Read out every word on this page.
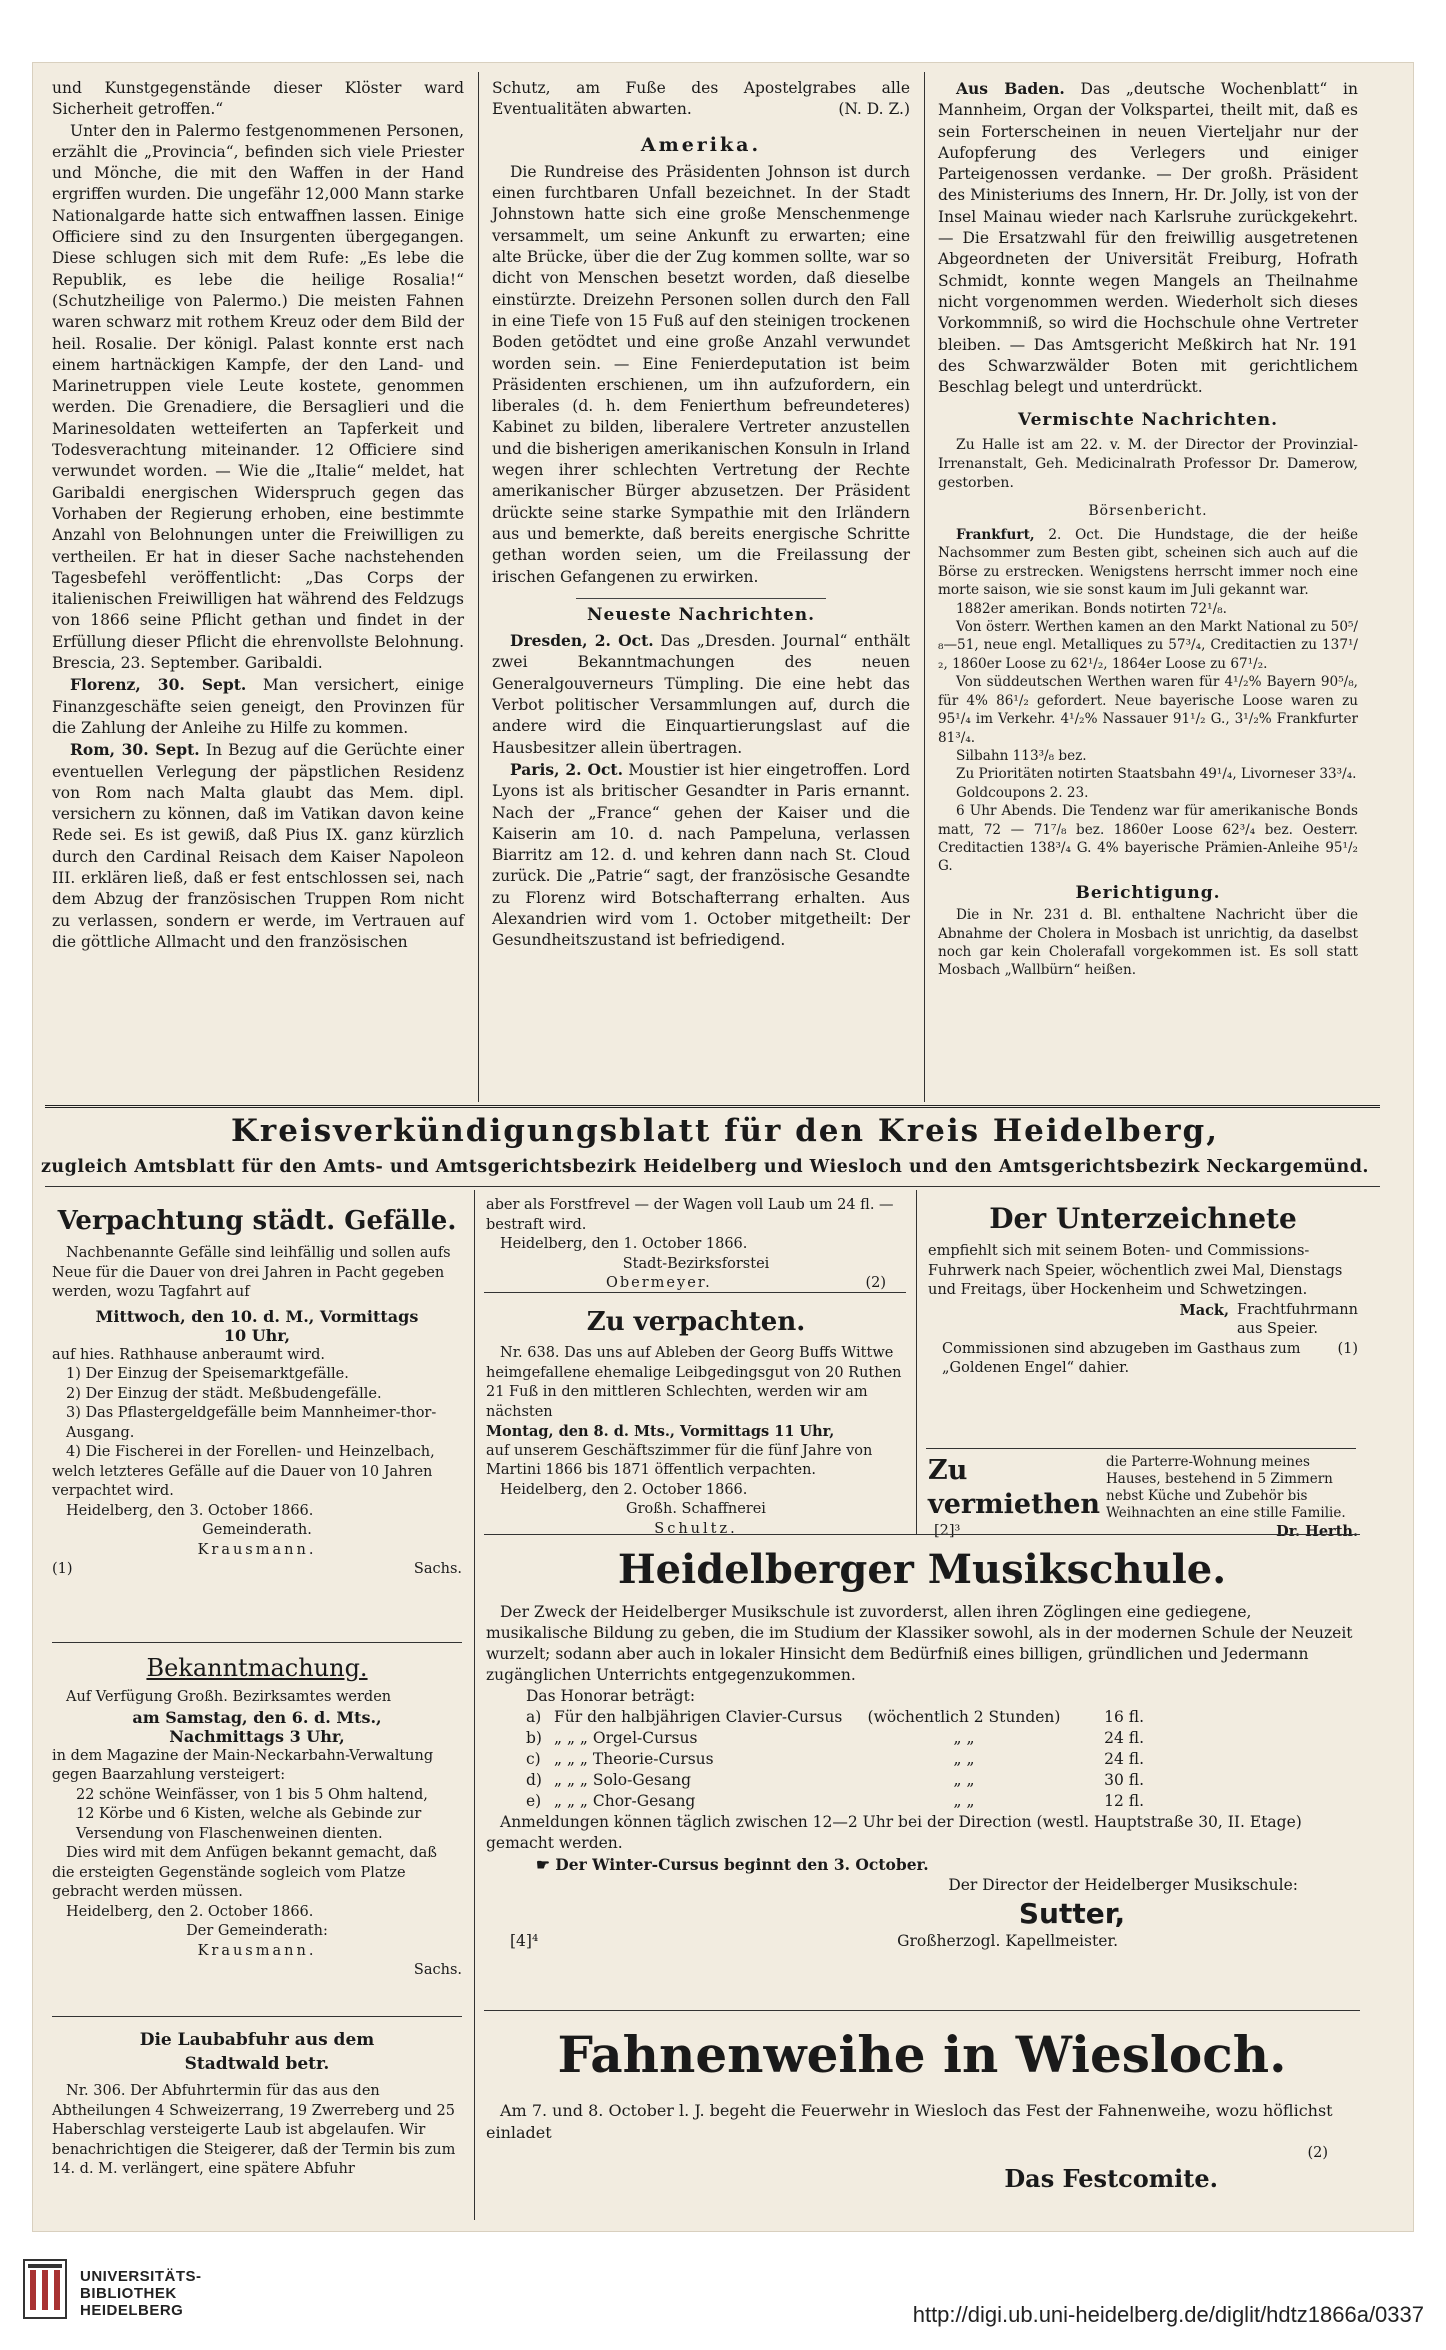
und Kunstgegenstände dieser Klöster ward Sicherheit getroffen.“

Unter den in Palermo festgenommenen Personen, erzählt die „Provincia“, befinden sich viele Priester und Mönche, die mit den Waffen in der Hand ergriffen wurden. Die ungefähr 12,000 Mann starke Nationalgarde hatte sich entwaffnen lassen. Einige Officiere sind zu den Insurgenten übergegangen. Diese schlugen sich mit dem Rufe: „Es lebe die Republik, es lebe die heilige Rosalia!“ (Schutzheilige von Palermo.) Die meisten Fahnen waren schwarz mit rothem Kreuz oder dem Bild der heil. Rosalie. Der königl. Palast konnte erst nach einem hartnäckigen Kampfe, der den Land- und Marinetruppen viele Leute kostete, genommen werden. Die Grenadiere, die Bersaglieri und die Marinesoldaten wetteiferten an Tapferkeit und Todesverachtung miteinander. 12 Officiere sind verwundet worden. — Wie die „Italie“ meldet, hat Garibaldi energischen Widerspruch gegen das Vorhaben der Regierung erhoben, eine bestimmte Anzahl von Belohnungen unter die Freiwilligen zu vertheilen. Er hat in dieser Sache nachstehenden Tagesbefehl veröffentlicht: „Das Corps der italienischen Freiwilligen hat während des Feldzugs von 1866 seine Pflicht gethan und findet in der Erfüllung dieser Pflicht die ehrenvollste Belohnung. Brescia, 23. September. Garibaldi.

Florenz, 30. Sept. Man versichert, einige Finanzgeschäfte seien geneigt, den Provinzen für die Zahlung der Anleihe zu Hilfe zu kommen.

Rom, 30. Sept. In Bezug auf die Gerüchte einer eventuellen Verlegung der päpstlichen Residenz von Rom nach Malta glaubt das Mem. dipl. versichern zu können, daß im Vatikan davon keine Rede sei. Es ist gewiß, daß Pius IX. ganz kürzlich durch den Cardinal Reisach dem Kaiser Napoleon III. erklären ließ, daß er fest entschlossen sei, nach dem Abzug der französischen Truppen Rom nicht zu verlassen, sondern er werde, im Vertrauen auf die göttliche Allmacht und den französischen

Schutz, am Fuße des Apostelgrabes alle Eventualitäten abwarten.	(N. D. Z.)

Amerika.

Die Rundreise des Präsidenten Johnson ist durch einen furchtbaren Unfall bezeichnet. In der Stadt Johnstown hatte sich eine große Menschenmenge versammelt, um seine Ankunft zu erwarten; eine alte Brücke, über die der Zug kommen sollte, war so dicht von Menschen besetzt worden, daß dieselbe einstürzte. Dreizehn Personen sollen durch den Fall in eine Tiefe von 15 Fuß auf den steinigen trockenen Boden getödtet und eine große Anzahl verwundet worden sein. — Eine Fenierdeputation ist beim Präsidenten erschienen, um ihn aufzufordern, ein liberales (d. h. dem Fenierthum befreundeteres) Kabinet zu bilden, liberalere Vertreter anzustellen und die bisherigen amerikanischen Konsuln in Irland wegen ihrer schlechten Vertretung der Rechte amerikanischer Bürger abzusetzen. Der Präsident drückte seine starke Sympathie mit den Irländern aus und bemerkte, daß bereits energische Schritte gethan worden seien, um die Freilassung der irischen Gefangenen zu erwirken.

Neueste Nachrichten.

Dresden, 2. Oct. Das „Dresden. Journal“ enthält zwei Bekanntmachungen des neuen Generalgouverneurs Tümpling. Die eine hebt das Verbot politischer Versammlungen auf, durch die andere wird die Einquartierungslast auf die Hausbesitzer allein übertragen.

Paris, 2. Oct. Moustier ist hier eingetroffen. Lord Lyons ist als britischer Gesandter in Paris ernannt. Nach der „France“ gehen der Kaiser und die Kaiserin am 10. d. nach Pampeluna, verlassen Biarritz am 12. d. und kehren dann nach St. Cloud zurück. Die „Patrie“ sagt, der französische Gesandte zu Florenz wird Botschafterrang erhalten. Aus Alexandrien wird vom 1. October mitgetheilt: Der Gesundheitszustand ist befriedigend.

Aus Baden. Das „deutsche Wochenblatt“ in Mannheim, Organ der Volkspartei, theilt mit, daß es sein Forterscheinen in neuen Vierteljahr nur der Aufopferung des Verlegers und einiger Parteigenossen verdanke. — Der großh. Präsident des Ministeriums des Innern, Hr. Dr. Jolly, ist von der Insel Mainau wieder nach Karlsruhe zurückgekehrt. — Die Ersatzwahl für den freiwillig ausgetretenen Abgeordneten der Universität Freiburg, Hofrath Schmidt, konnte wegen Mangels an Theilnahme nicht vorgenommen werden. Wiederholt sich dieses Vorkommniß, so wird die Hochschule ohne Vertreter bleiben. — Das Amtsgericht Meßkirch hat Nr. 191 des Schwarzwälder Boten mit gerichtlichem Beschlag belegt und unterdrückt.

Vermischte Nachrichten.

Zu Halle ist am 22. v. M. der Director der Provinzial-Irrenanstalt, Geh. Medicinalrath Professor Dr. Damerow, gestorben.

Börsenbericht.

Frankfurt, 2. Oct. Die Hundstage, die der heiße Nachsommer zum Besten gibt, scheinen sich auch auf die Börse zu erstrecken. Wenigstens herrscht immer noch eine morte saison, wie sie sonst kaum im Juli gekannt war.

1882er amerikan. Bonds notirten 72¹/₈.

Von österr. Werthen kamen an den Markt National zu 50⁵/₈—51, neue engl. Metalliques zu 57³/₄, Creditactien zu 137¹/₂, 1860er Loose zu 62¹/₂, 1864er Loose zu 67¹/₂.

Von süddeutschen Werthen waren für 4¹/₂% Bayern 90⁵/₈, für 4% 86¹/₂ gefordert. Neue bayerische Loose waren zu 95¹/₄ im Verkehr. 4¹/₂% Nassauer 91¹/₂ G., 3¹/₂% Frankfurter 81³/₄.

Silbahn 113³/₈ bez.

Zu Prioritäten notirten Staatsbahn 49¹/₄, Livorneser 33³/₄.

Goldcoupons 2. 23.

6 Uhr Abends. Die Tendenz war für amerikanische Bonds matt, 72 — 71⁷/₈ bez. 1860er Loose 62³/₄ bez. Oesterr. Creditactien 138³/₄ G. 4% bayerische Prämien-Anleihe 95¹/₂ G.

Berichtigung.

Die in Nr. 231 d. Bl. enthaltene Nachricht über die Abnahme der Cholera in Mosbach ist unrichtig, da daselbst noch gar kein Cholerafall vorgekommen ist. Es soll statt Mosbach „Wallbürn“ heißen.

Kreisverkündigungsblatt für den Kreis Heidelberg,
zugleich Amtsblatt für den Amts- und Amtsgerichtsbezirk Heidelberg und Wiesloch und den Amtsgerichtsbezirk Neckargemünd.
Verpachtung städt. Gefälle.

Nachbenannte Gefälle sind leihfällig und sollen aufs Neue für die Dauer von drei Jahren in Pacht gegeben werden, wozu Tagfahrt auf

Mittwoch, den 10. d. M., Vormittags

10 Uhr,

auf hies. Rathhause anberaumt wird.

1) Der Einzug der Speisemarktgefälle.

2) Der Einzug der städt. Meßbudengefälle.

3) Das Pflastergeldgefälle beim Mannheimer-thor-Ausgang.

4) Die Fischerei in der Forellen- und Heinzelbach,

welch letzteres Gefälle auf die Dauer von 10 Jahren verpachtet wird.

Heidelberg, den 3. October 1866.

Gemeinderath.

Krausmann.

(1)	Sachs.
Bekanntmachung.

Auf Verfügung Großh. Bezirksamtes werden

am Samstag, den 6. d. Mts.,

Nachmittags 3 Uhr,

in dem Magazine der Main-Neckarbahn-Verwaltung gegen Baarzahlung versteigert:

22 schöne Weinfässer, von 1 bis 5 Ohm haltend,

12 Körbe und 6 Kisten, welche als Gebinde zur Versendung von Flaschenweinen dienten.

Dies wird mit dem Anfügen bekannt gemacht, daß die ersteigten Gegenstände sogleich vom Platze gebracht werden müssen.

Heidelberg, den 2. October 1866.

Der Gemeinderath:

Krausmann.

Sachs.

Die Laubabfuhr aus dem Stadtwald betr.

Nr. 306. Der Abfuhrtermin für das aus den Abtheilungen 4 Schweizerrang, 19 Zwerreberg und 25 Haberschlag versteigerte Laub ist abgelaufen. Wir benachrichtigen die Steigerer, daß der Termin bis zum 14. d. M. verlängert, eine spätere Abfuhr

aber als Forstfrevel — der Wagen voll Laub um 24 fl. — bestraft wird.

Heidelberg, den 1. October 1866.

Stadt-Bezirksforstei

Obermeyer.	(2)
Zu verpachten.

Nr. 638. Das uns auf Ableben der Georg Buffs Wittwe heimgefallene ehemalige Leibgedingsgut von 20 Ruthen 21 Fuß in den mittleren Schlechten, werden wir am nächsten

Montag, den 8. d. Mts., Vormittags 11 Uhr,

auf unserem Geschäftszimmer für die fünf Jahre von Martini 1866 bis 1871 öffentlich verpachten.

Heidelberg, den 2. October 1866.

Großh. Schaffnerei

Schultz.

Der Unterzeichnete

empfiehlt sich mit seinem Boten- und Commissions-Fuhrwerk nach Speier, wöchentlich zwei Mal, Dienstags und Freitags, über Hockenheim und Schwetzingen.

Mack, Frachtfuhrmann

aus Speier.

Commissionen sind abzugeben im Gasthaus zum „Goldenen Engel“ dahier.
(1)
Zu vermiethen

die Parterre-Wohnung meines Hauses, bestehend in 5 Zimmern nebst Küche und Zubehör bis Weihnachten an eine stille Familie.

[2]³	Dr. Herth.
Heidelberger Musikschule.

Der Zweck der Heidelberger Musikschule ist zuvorderst, allen ihren Zöglingen eine gediegene, musikalische Bildung zu geben, die im Studium der Klassiker sowohl, als in der modernen Schule der Neuzeit wurzelt; sodann aber auch in lokaler Hinsicht dem Bedürfniß eines billigen, gründlichen und Jedermann zugänglichen Unterrichts entgegenzukommen.

Das Honorar beträgt:

a) Für den halbjährigen Clavier-Cursus	(wöchentlich 2 Stunden)	16 fl.
b) „ „ „ Orgel-Cursus	„ „	24 fl.
c) „ „ „ Theorie-Cursus	„ „	24 fl.
d) „ „ „ Solo-Gesang	„ „	30 fl.
e) „ „ „ Chor-Gesang	„ „	12 fl.

Anmeldungen können täglich zwischen 12—2 Uhr bei der Direction (westl. Hauptstraße 30, II. Etage) gemacht werden.

☛ Der Winter-Cursus beginnt den 3. October.

Der Director der Heidelberger Musikschule:

Sutter,

[4]⁴	Großherzogl. Kapellmeister.
Fahnenweihe in Wiesloch.

Am 7. und 8. October l. J. begeht die Feuerwehr in Wiesloch das Fest der Fahnenweihe, wozu höflichst einladet

(2)

Das Festcomite.

UNIVERSITÄTS-
BIBLIOTHEK
HEIDELBERG	http://digi.ub.uni-heidelberg.de/diglit/hdtz1866a/0337
